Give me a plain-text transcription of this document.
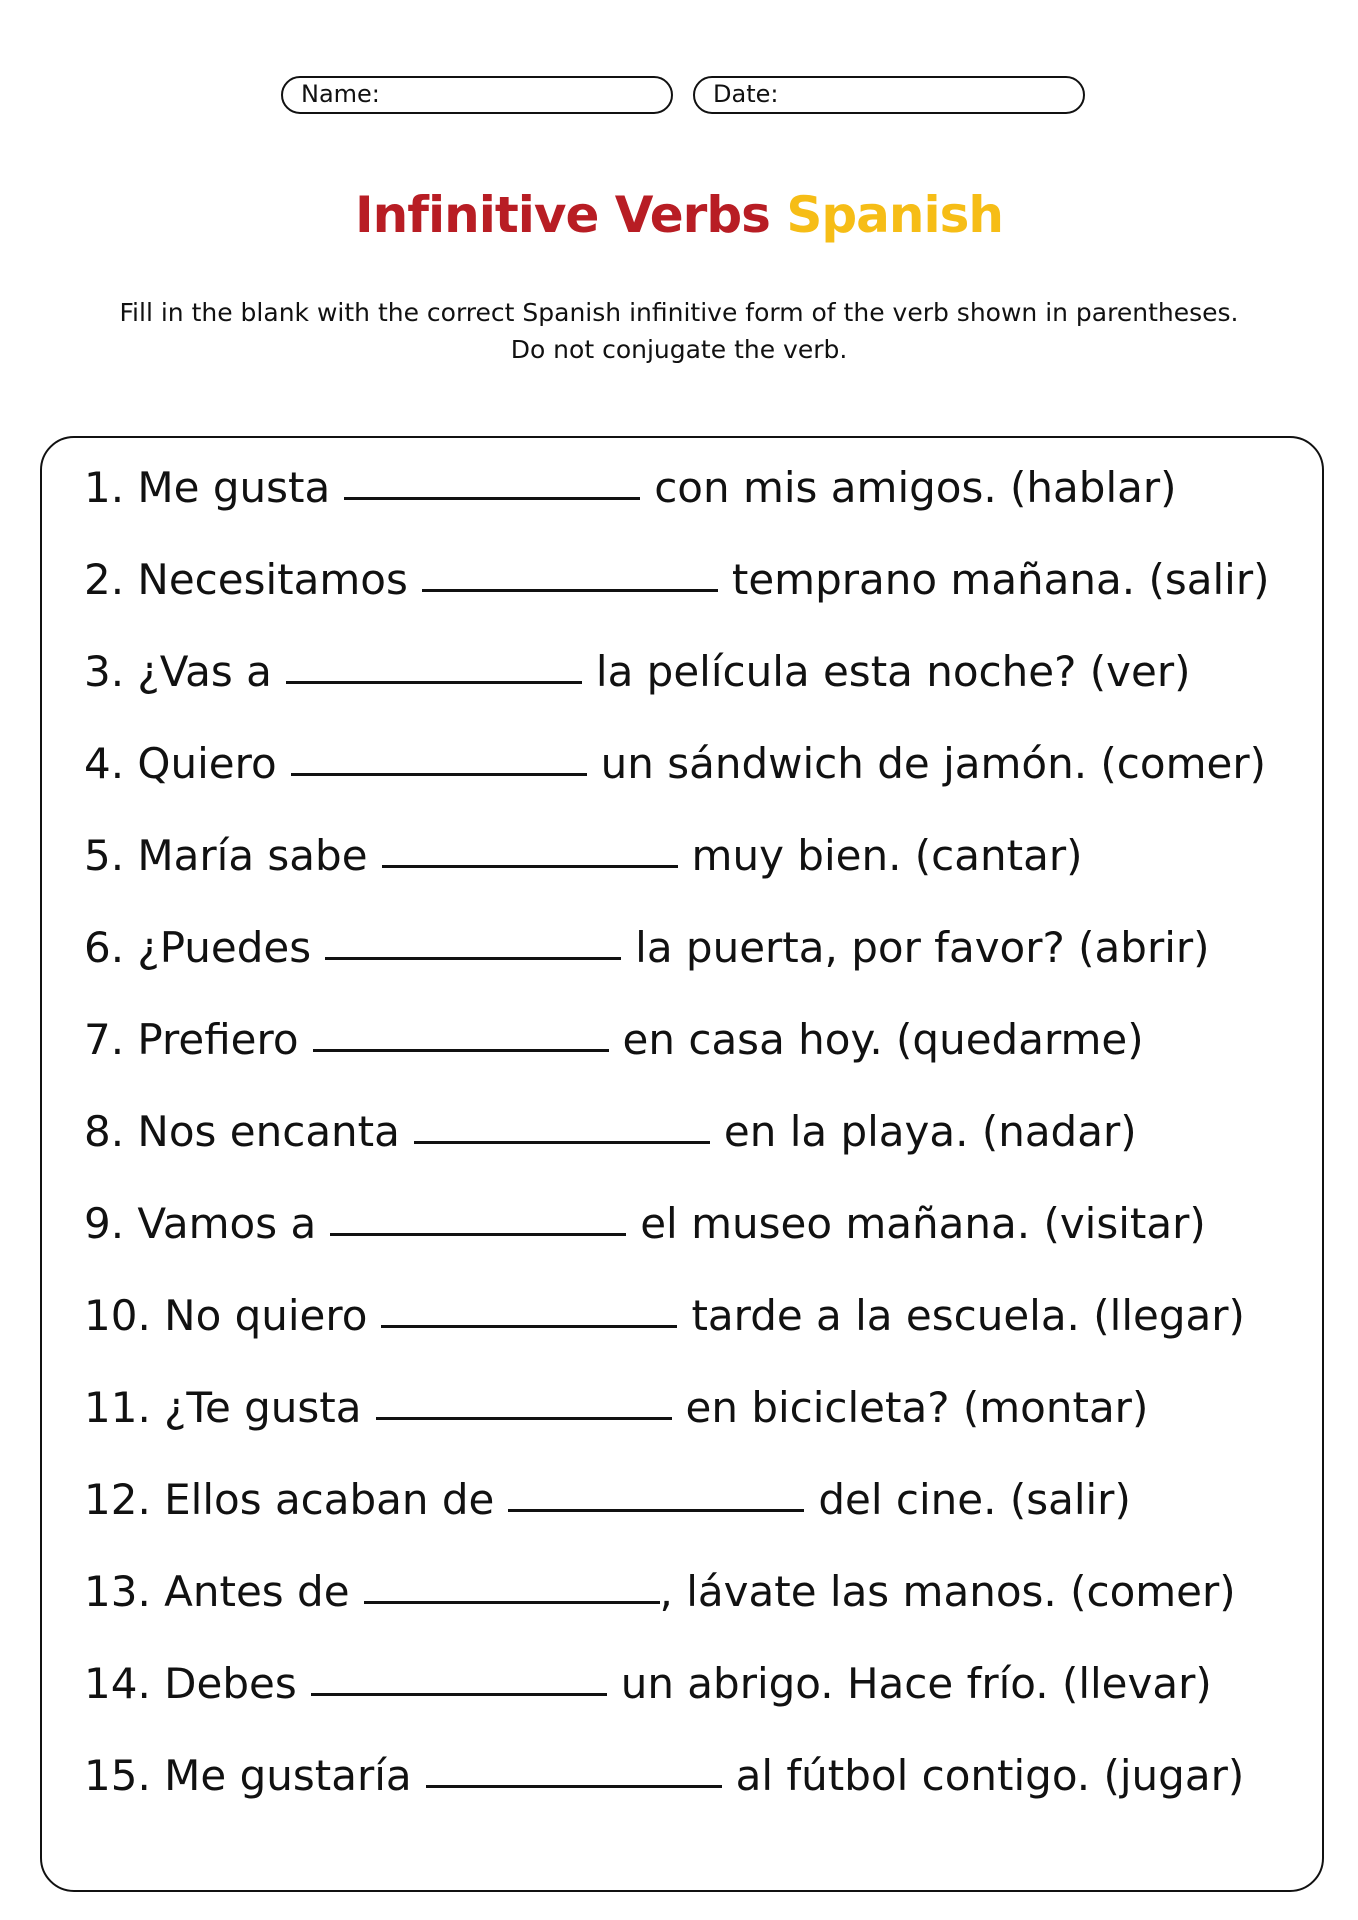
Name:	Date:
Infinitive Verbs Spanish
Fill in the blank with the correct Spanish infinitive form of the verb shown in parentheses.
Do not conjugate the verb.
1. Me gusta	con mis amigos. (hablar)
2. Necesitamos	temprano mañana. (salir)
3. ¿Vas a	la película esta noche? (ver)
4. Quiero	un sándwich de jamón. (comer)
5. María sabe	muy bien. (cantar)
6. ¿Puedes	la puerta, por favor? (abrir)
7. Prefiero	en casa hoy. (quedarme)
8. Nos encanta	en la playa. (nadar)
9. Vamos a	el museo mañana. (visitar)
10. No quiero	tarde a la escuela. (llegar)
11. ¿Te gusta	en bicicleta? (montar)
12. Ellos acaban de	del cine. (salir)
13. Antes de	, lávate las manos. (comer)
14. Debes	un abrigo. Hace frío. (llevar)
15. Me gustaría	al fútbol contigo. (jugar)
